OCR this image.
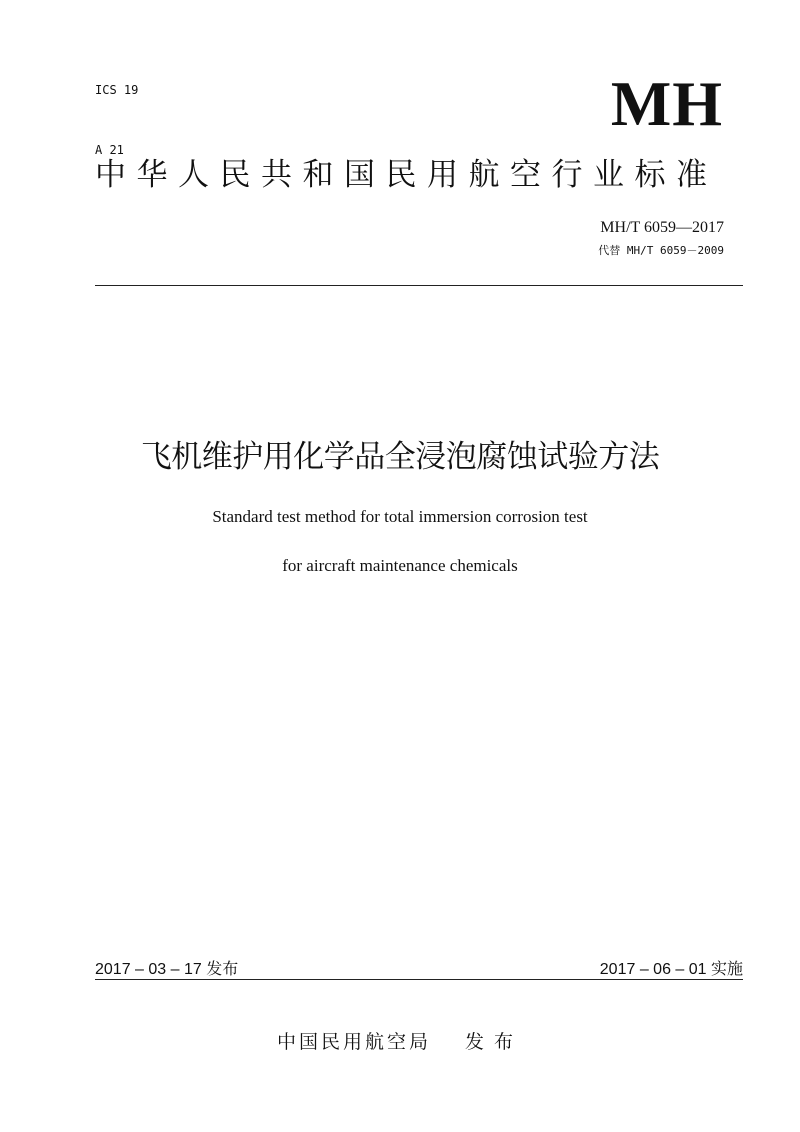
ICS 19

A 21

MH
中华人民共和国民用航空行业标准
MH/T 6059—2017
代替 MH/T 6059－2009
飞机维护用化学品全浸泡腐蚀试验方法
Standard test method for total immersion corrosion test
for aircraft maintenance chemicals
2017 – 03 – 17 发布	2017 – 06 – 01 实施
中国民用航空局 发布
